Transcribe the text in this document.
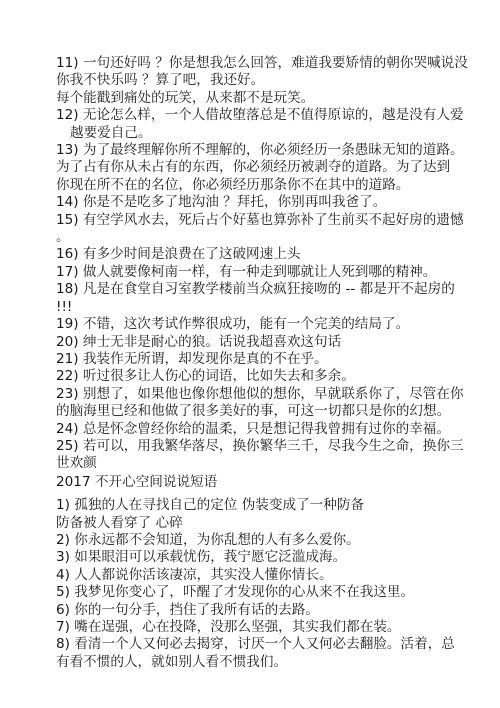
11) 一句还好吗 ？你是想我怎么回答，难道我要矫情的朝你哭喊说没
你我不快乐吗 ？算了吧，我还好。
每个能戳到痛处的玩笑，从来都不是玩笑。
12) 无论怎么样，一个人借故堕落总是不值得原谅的，越是没有人爱
越要爱自己。
13) 为了最终理解你所不理解的，你必须经历一条愚昧无知的道路。
为了占有你从未占有的东西，你必须经历被剥夺的道路。为了达到
你现在所不在的名位，你必须经历那条你不在其中的道路。
14) 你是不是吃多了地沟油 ？拜托，你别再叫我爸了。
15) 有空学风水去，死后占个好墓也算弥补了生前买不起好房的遗憾
。
16) 有多少时间是浪费在了这破网速上头
17) 做人就要像柯南一样，有一种走到哪就让人死到哪的精神。
18) 凡是在食堂自习室教学楼前当众疯狂接吻的 -- 都是开不起房的
!!!
19) 不错，这次考试作弊很成功，能有一个完美的结局了。
20) 绅士无非是耐心的狼。话说我超喜欢这句话
21) 我装作无所谓，却发现你是真的不在乎。
22) 听过很多让人伤心的词语，比如失去和多余。
23) 别想了，如果他也像你想他似的想你，早就联系你了，尽管在你
的脑海里已经和他做了很多美好的事，可这一切都只是你的幻想。
24) 总是怀念曾经你给的温柔，只是想记得我曾拥有过你的幸福。
25) 若可以，用我繁华落尽，换你繁华三千，尽我今生之命，换你三
世欢颜
2017 不开心空间说说短语
1) 孤独的人在寻找自己的定位 伪装变成了一种防备
防备被人看穿了 心碎
2) 你永远都不会知道，为你乱想的人有多么爱你。
3) 如果眼泪可以承载忧伤，莪宁愿它泛滥成海。
4) 人人都说你活该凄凉，其实没人懂你情长。
5) 我梦见你变心了，吓醒了才发现你的心从来不在我这里。
6) 你的一句分手，挡住了我所有话的去路。
7) 嘴在逞强，心在投降，没那么坚强，其实我们都在装。
8) 看清一个人又何必去揭穿，讨厌一个人又何必去翻脸。活着，总
有看不惯的人，就如别人看不惯我们。
